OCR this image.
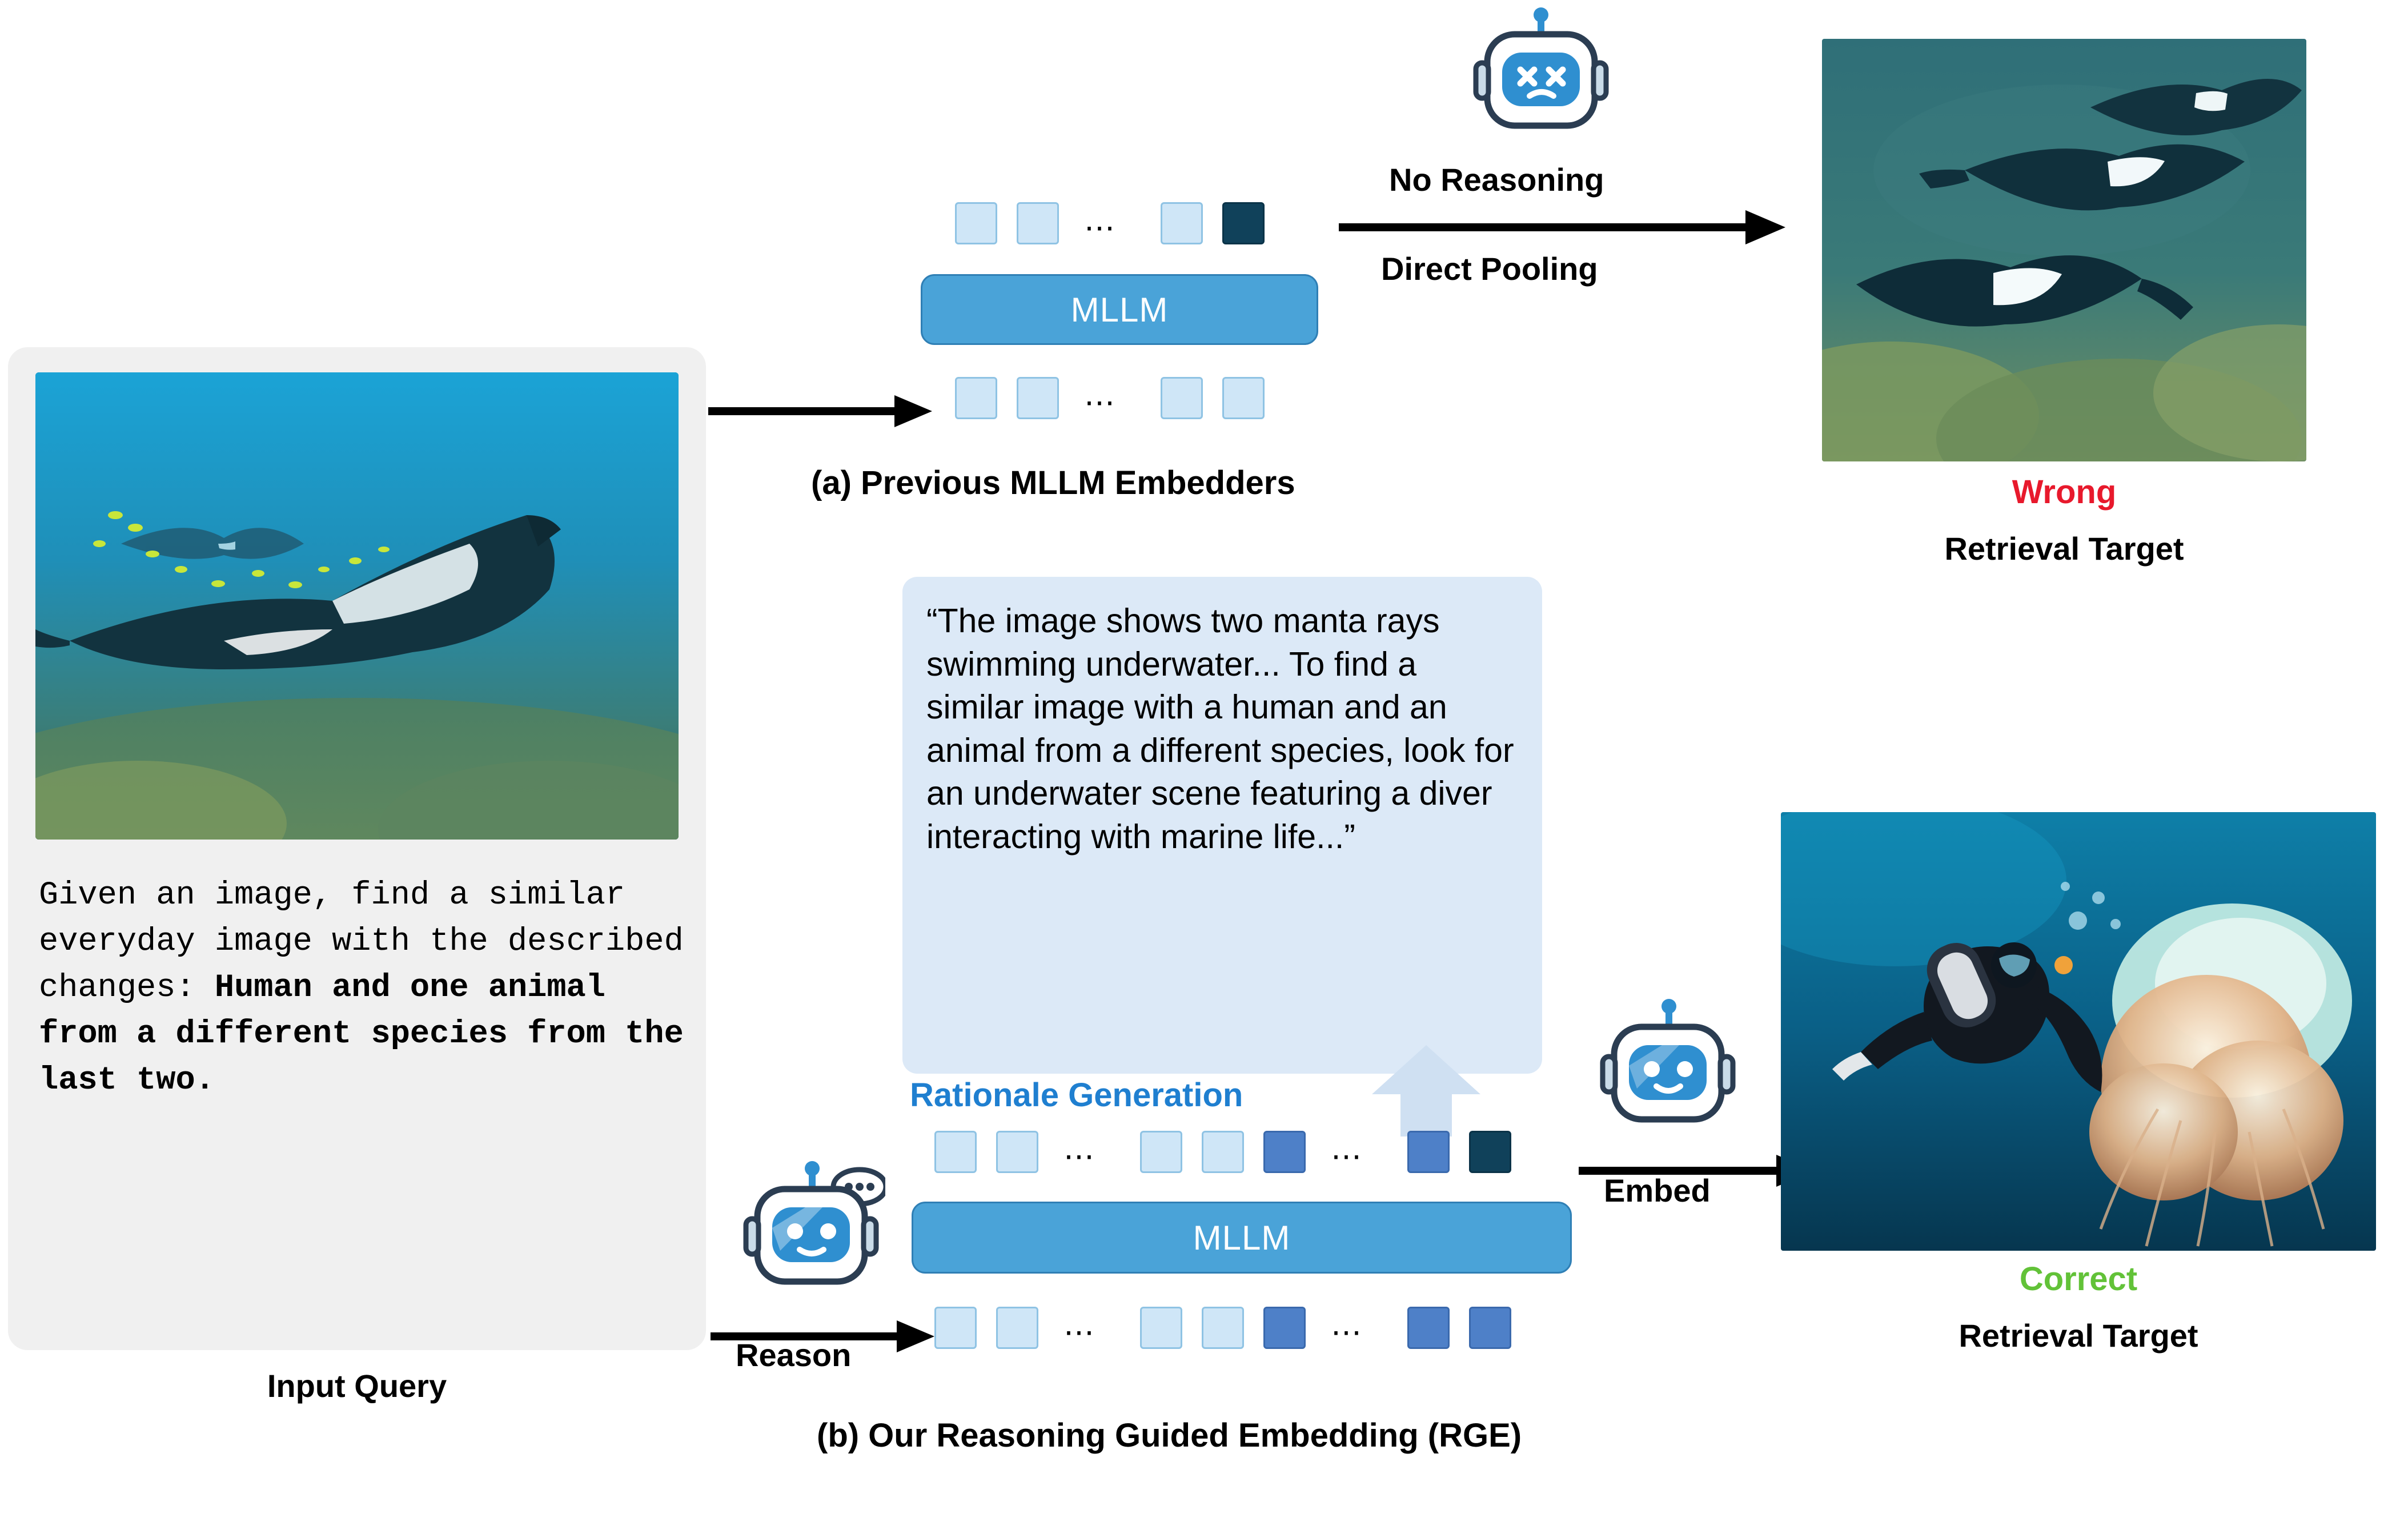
Given an image, find a similar everyday image with the described changes: Human and one animal from a different species from the last two.
Input Query
⋯
MLLM
⋯
(a) Previous MLLM Embedders
No Reasoning
Direct Pooling
Wrong
Retrieval Target
“The image shows two manta rays swimming underwater... To find a similar image with a human and an animal from a different species, look for an underwater scene featuring a diver interacting with marine life...”
Rationale Generation
Reason
⋯	⋯
MLLM
⋯	⋯
Embed
Correct
Retrieval Target
(b) Our Reasoning Guided Embedding (RGE)
